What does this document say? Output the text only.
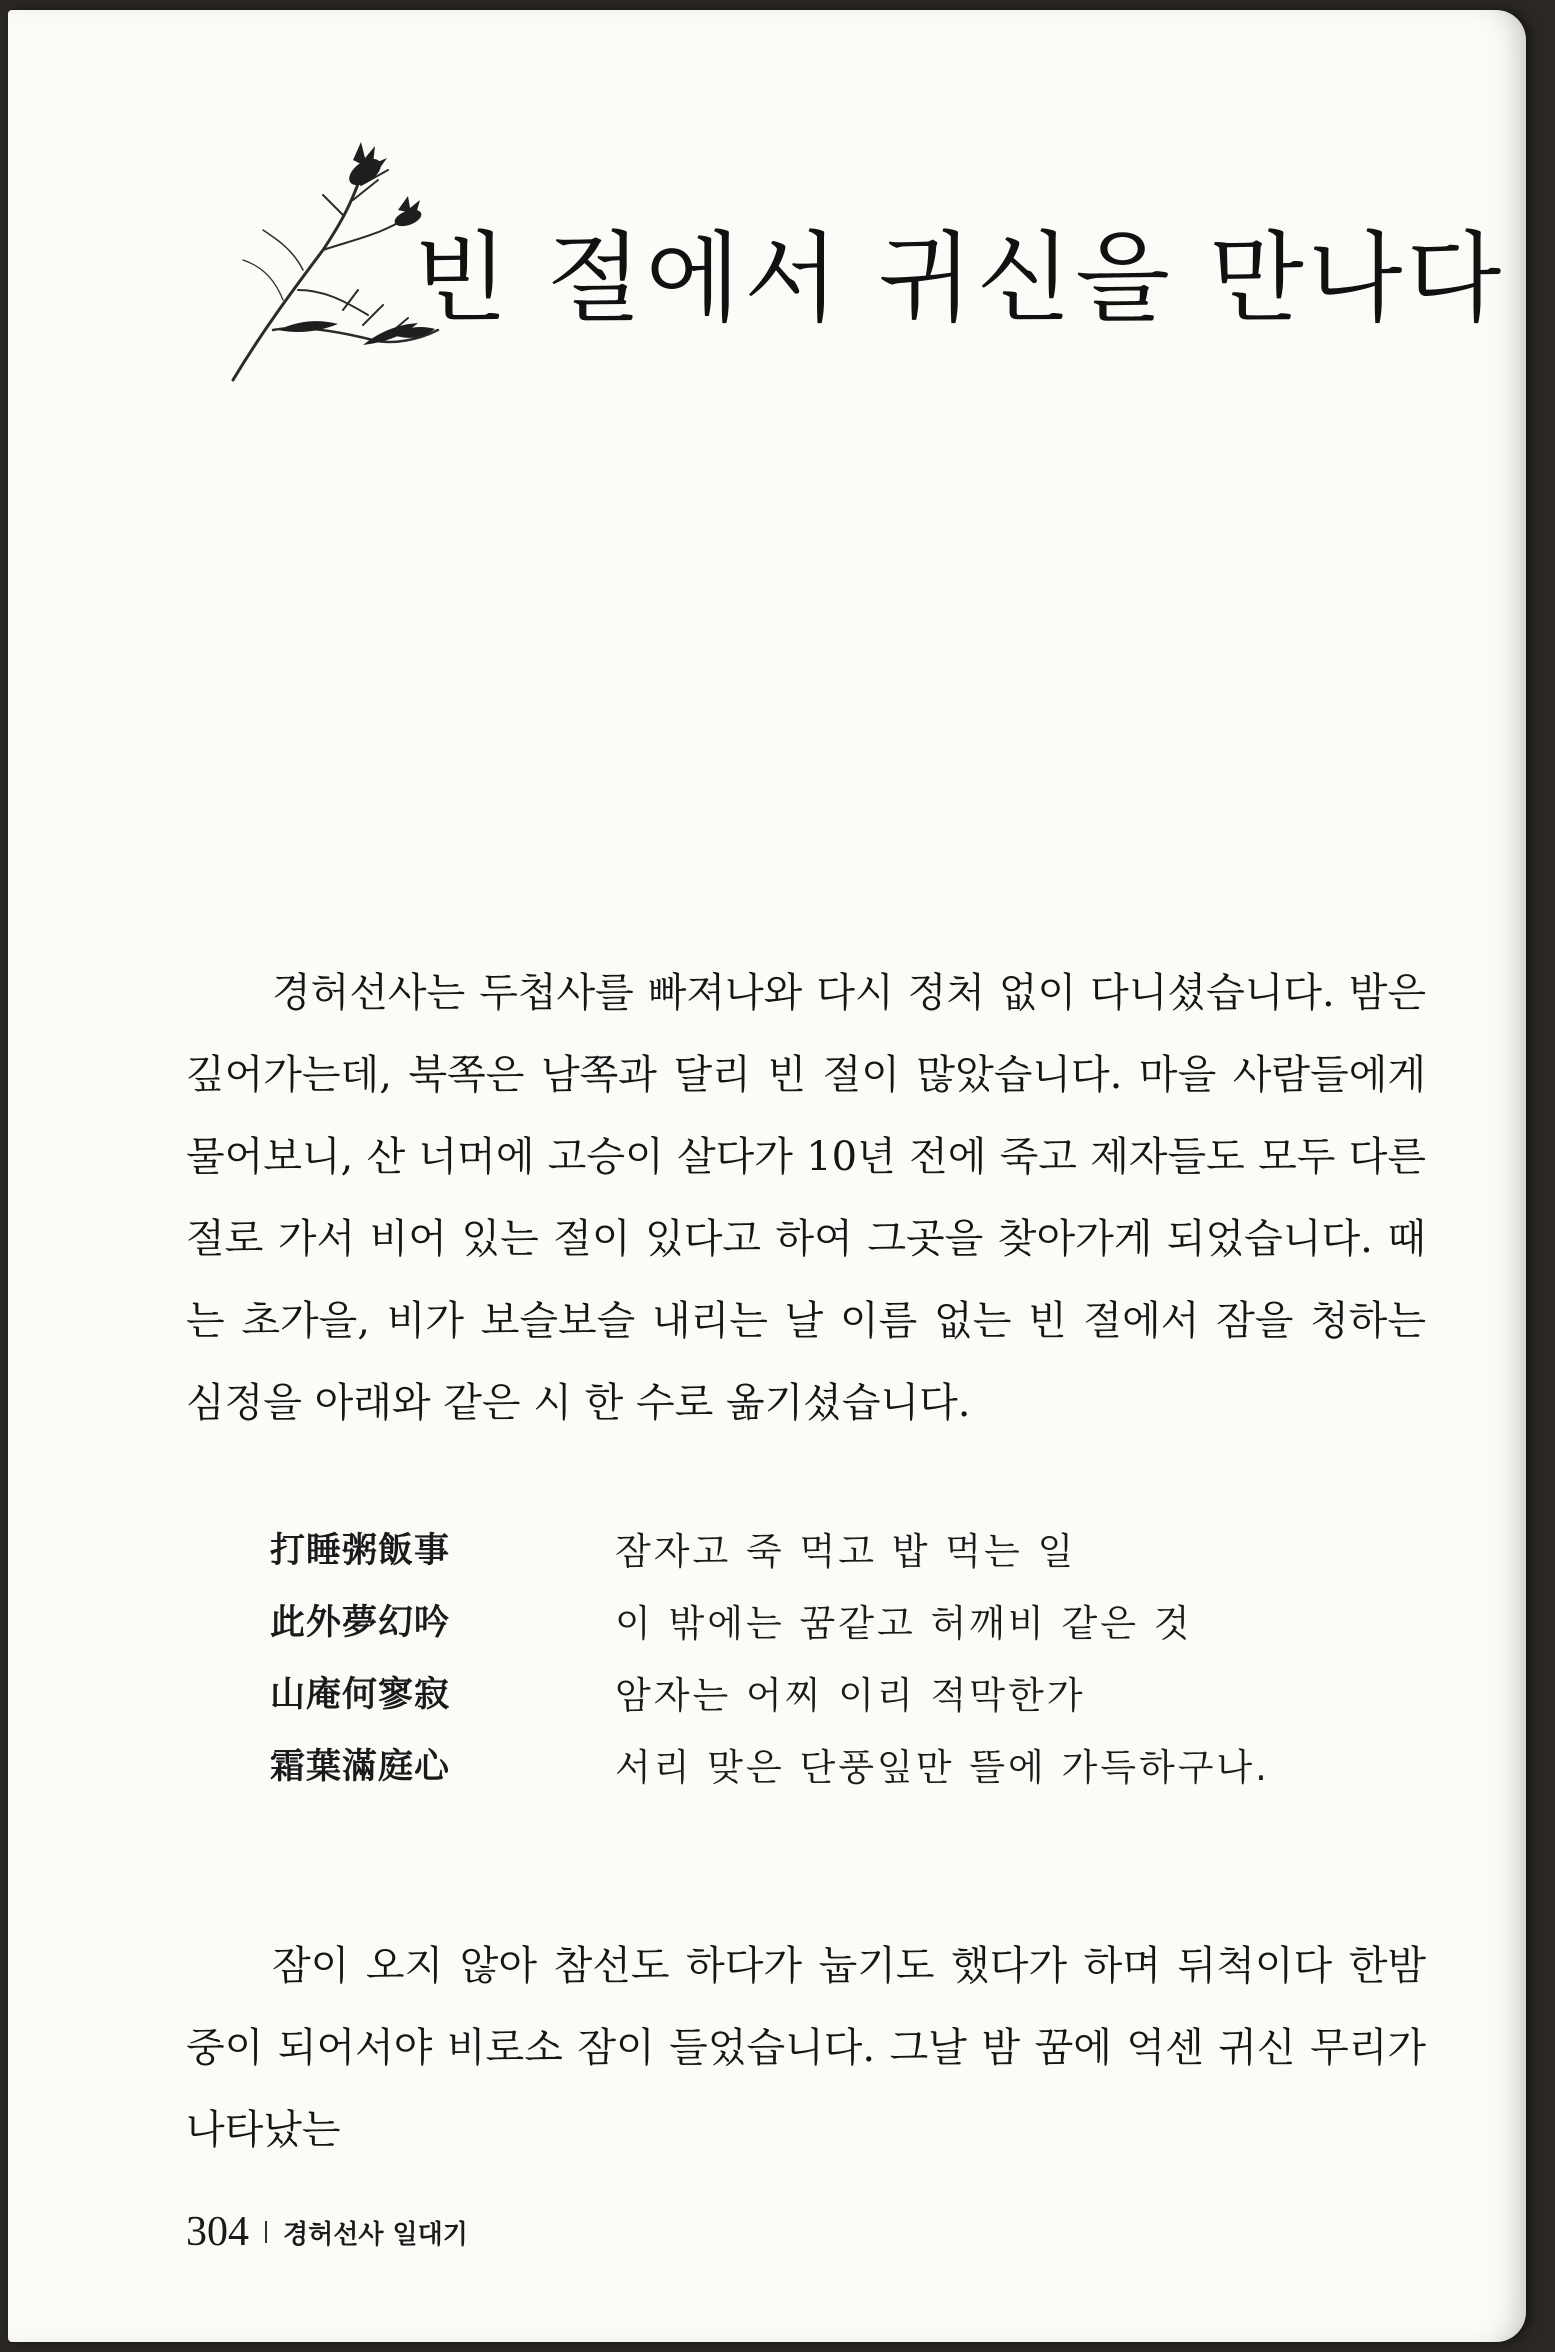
빈 절에서 귀신을 만나다

경허선사는 두첩사를 빠져나와 다시 정처 없이 다니셨습니다. 밤은 깊어가는데, 북쪽은 남쪽과 달리 빈 절이 많았습니다. 마을 사람들에게 물어보니, 산 너머에 고승이 살다가 10년 전에 죽고 제자들도 모두 다른 절로 가서 비어 있는 절이 있다고 하여 그곳을 찾아가게 되었습니다. 때는 초가을, 비가 보슬보슬 내리는 날 이름 없는 빈 절에서 잠을 청하는 심정을 아래와 같은 시 한 수로 옮기셨습니다.

打睡粥飯事	잠자고 죽 먹고 밥 먹는 일
此外夢幻吟	이 밖에는 꿈같고 허깨비 같은 것
山庵何寥寂	암자는 어찌 이리 적막한가
霜葉滿庭心	서리 맞은 단풍잎만 뜰에 가득하구나.

잠이 오지 않아 참선도 하다가 눕기도 했다가 하며 뒤척이다 한밤중이 되어서야 비로소 잠이 들었습니다. 그날 밤 꿈에 억센 귀신 무리가 나타났는

304 경허선사 일대기
